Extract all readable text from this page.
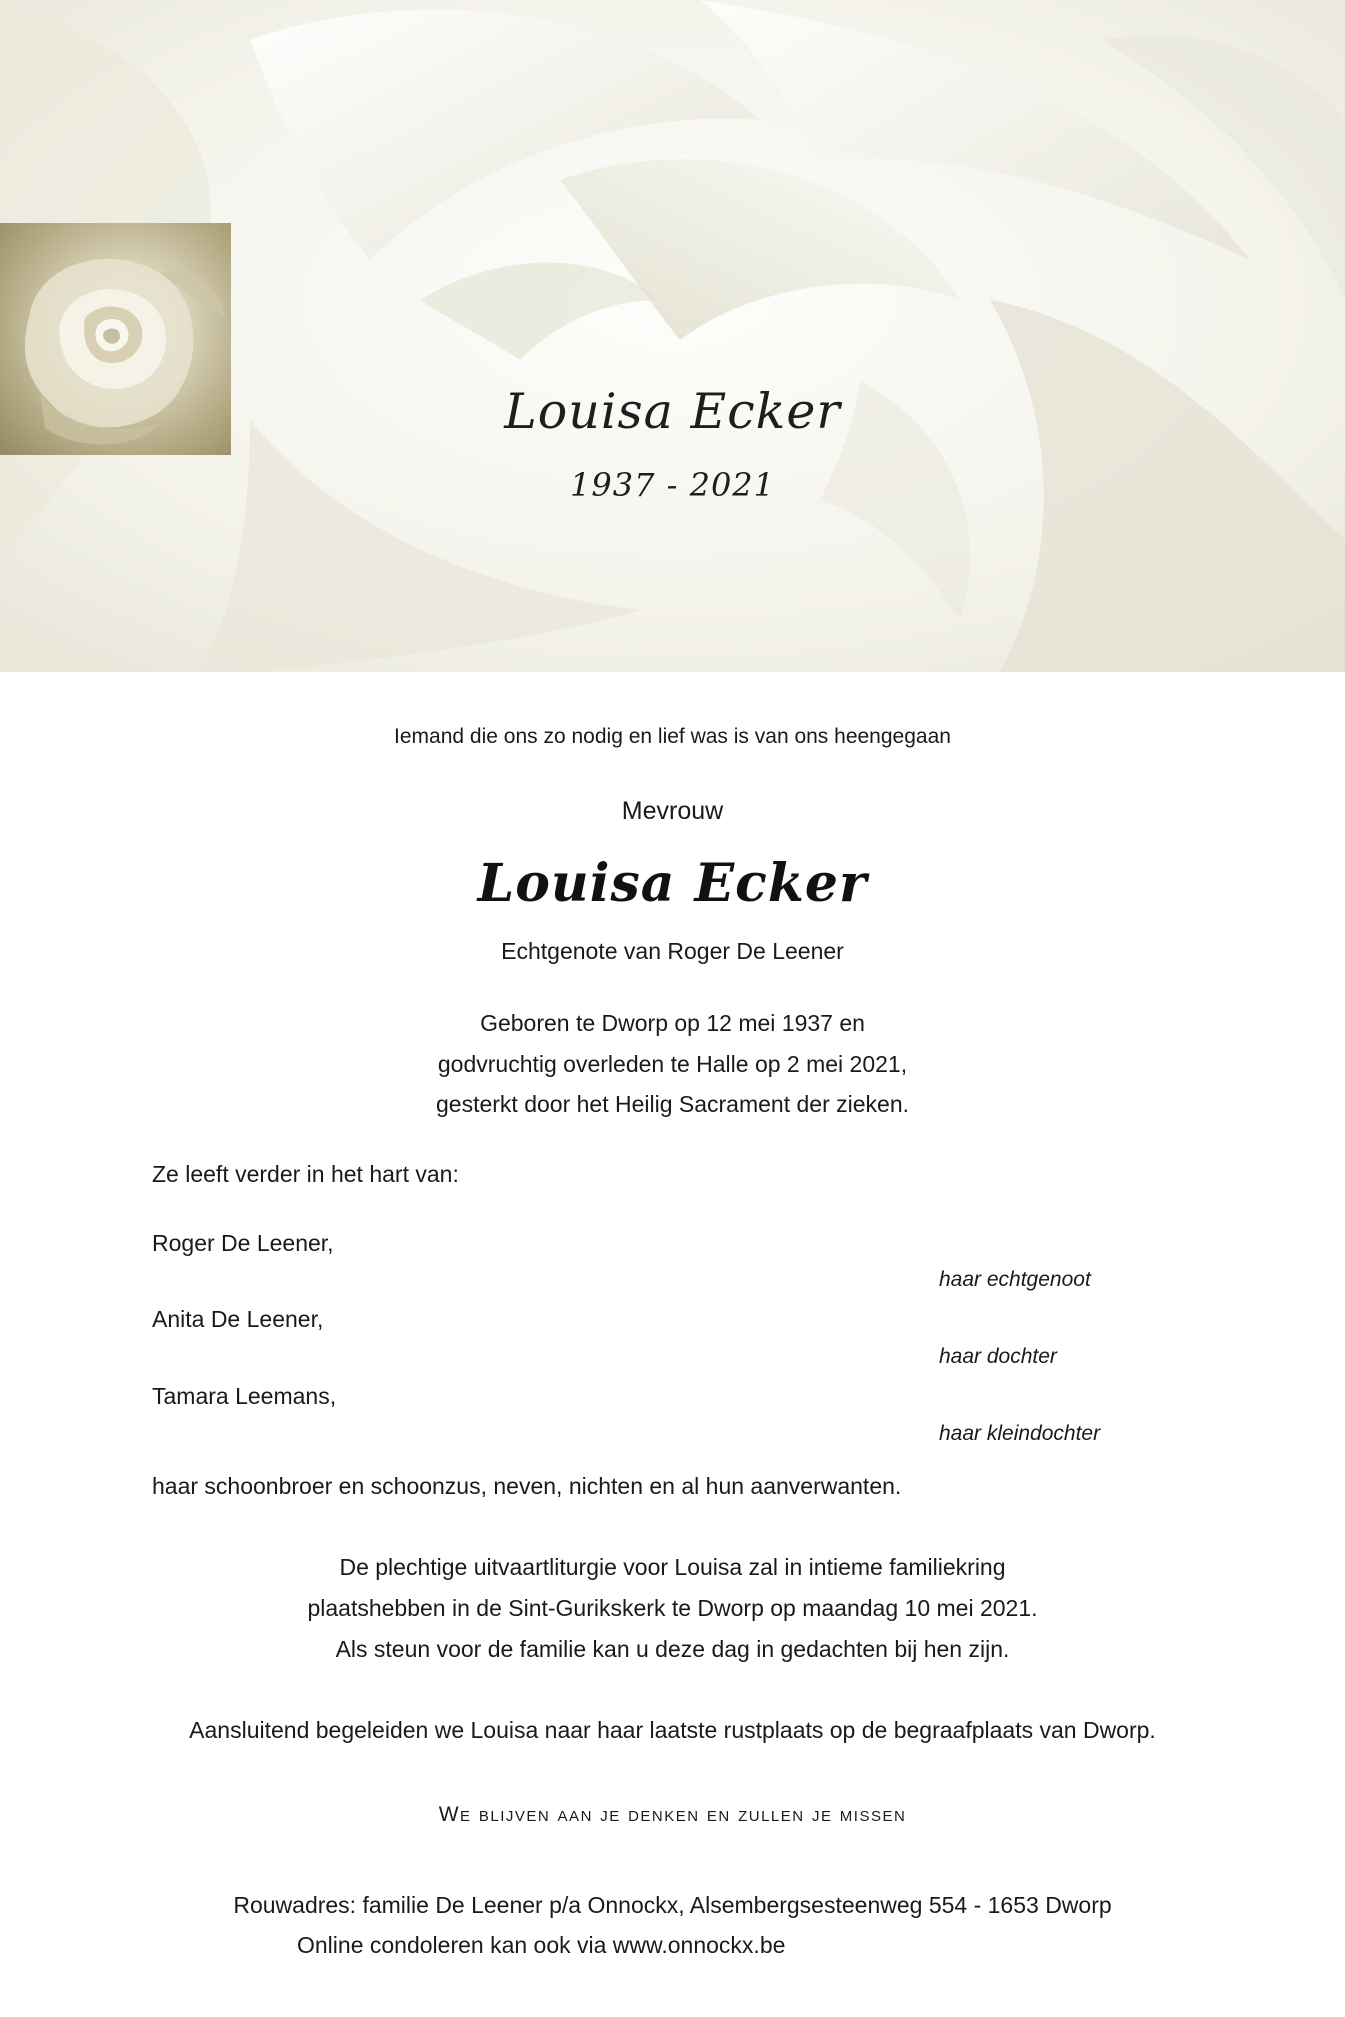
Louisa Ecker
1937 - 2021
Iemand die ons zo nodig en lief was is van ons heengegaan
Mevrouw
Louisa Ecker
Echtgenote van Roger De Leener
Geboren te Dworp op 12 mei 1937 en
godvruchtig overleden te Halle op 2 mei 2021,
gesterkt door het Heilig Sacrament der zieken.
Ze leeft verder in het hart van:
Roger De Leener,
haar echtgenoot
Anita De Leener,
haar dochter
Tamara Leemans,
haar kleindochter
haar schoonbroer en schoonzus, neven, nichten en al hun aanverwanten.
De plechtige uitvaartliturgie voor Louisa zal in intieme familiekring
plaatshebben in de Sint-Gurikskerk te Dworp op maandag 10 mei 2021.
Als steun voor de familie kan u deze dag in gedachten bij hen zijn.
Aansluitend begeleiden we Louisa naar haar laatste rustplaats op de begraafplaats van Dworp.
We blijven aan je denken en zullen je missen
Rouwadres: familie De Leener p/a Onnockx, Alsembergsesteenweg 554 - 1653 Dworp
Online condoleren kan ook via www.onnockx.be
